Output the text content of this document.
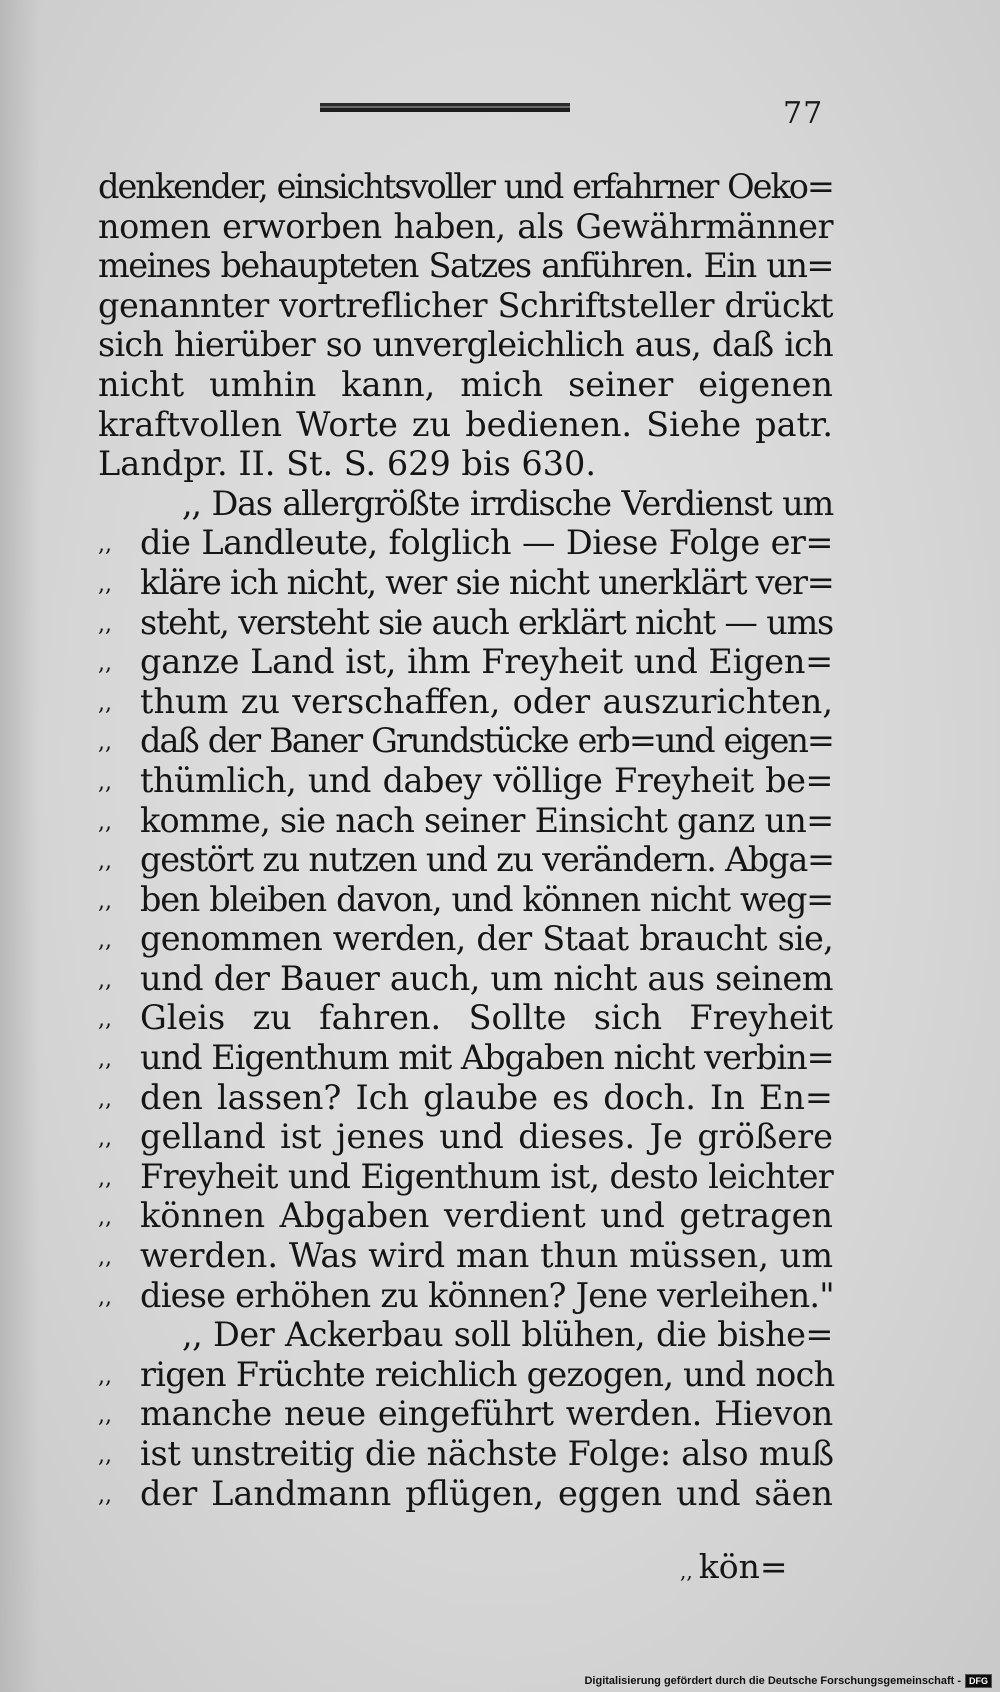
77
denkender, einsichtsvoller und erfahrner Oeko=
nomen erworben haben, als Gewährmänner
meines behaupteten Satzes anführen. Ein un=
genannter vortreflicher Schriftsteller drückt
sich hierüber so unvergleichlich aus, daß ich
nicht umhin kann, mich seiner eigenen
kraftvollen Worte zu bedienen. Siehe patr.
Landpr. II. St. S. 629 bis 630.
,, Das allergrößte irrdische Verdienst um
,, die Landleute, folglich — Diese Folge er=
,, kläre ich nicht, wer sie nicht unerklärt ver=
,, steht, versteht sie auch erklärt nicht — ums
,, ganze Land ist, ihm Freyheit und Eigen=
,, thum zu verschaffen, oder auszurichten,
,, daß der Baner Grundstücke erb=und eigen=
,, thümlich, und dabey völlige Freyheit be=
,, komme, sie nach seiner Einsicht ganz un=
,, gestört zu nutzen und zu verändern. Abga=
,, ben bleiben davon, und können nicht weg=
,, genommen werden, der Staat braucht sie,
,, und der Bauer auch, um nicht aus seinem
,, Gleis zu fahren. Sollte sich Freyheit
,, und Eigenthum mit Abgaben nicht verbin=
,, den lassen? Ich glaube es doch. In En=
,, gelland ist jenes und dieses. Je größere
,, Freyheit und Eigenthum ist, desto leichter
,, können Abgaben verdient und getragen
,, werden. Was wird man thun müssen, um
,, diese erhöhen zu können? Jene verleihen."
,, Der Ackerbau soll blühen, die bishe=
,, rigen Früchte reichlich gezogen, und noch
,, manche neue eingeführt werden. Hievon
,, ist unstreitig die nächste Folge: also muß
,, der Landmann pflügen, eggen und säen
,, kön=
Digitalisierung gefördert durch die Deutsche Forschungsgemeinschaft - DFG
